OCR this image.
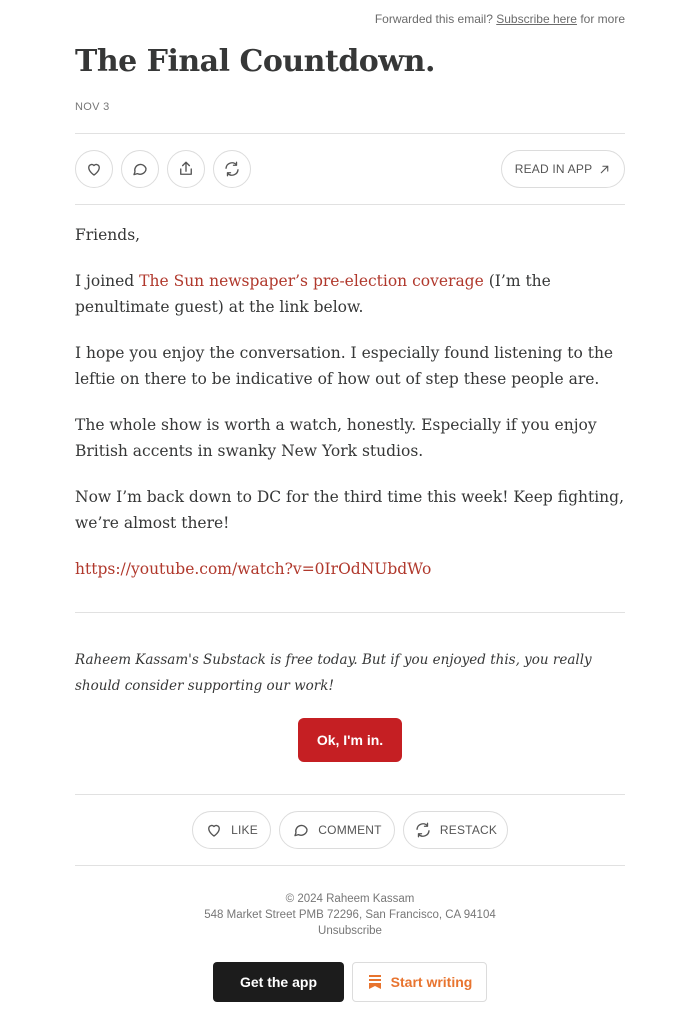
Forwarded this email? Subscribe here for more
The Final Countdown.
NOV 3
READ IN APP

Friends,

I joined The Sun newspaper’s pre-election coverage (I’m the penultimate guest) at the link below.

I hope you enjoy the conversation. I especially found listening to the leftie on there to be indicative of how out of step these people are.

The whole show is worth a watch, honestly. Especially if you enjoy British accents in swanky New York studios.

Now I’m back down to DC for the third time this week! Keep fighting, we’re almost there!

https://youtube.com/watch?v=0IrOdNUbdWo

Raheem Kassam's Substack is free today. But if you enjoyed this, you really should consider supporting our work!

Ok, I'm in.
LIKE	COMMENT	RESTACK
© 2024 Raheem Kassam
548 Market Street PMB 72296, San Francisco, CA 94104
Unsubscribe
Get the app	Start writing
